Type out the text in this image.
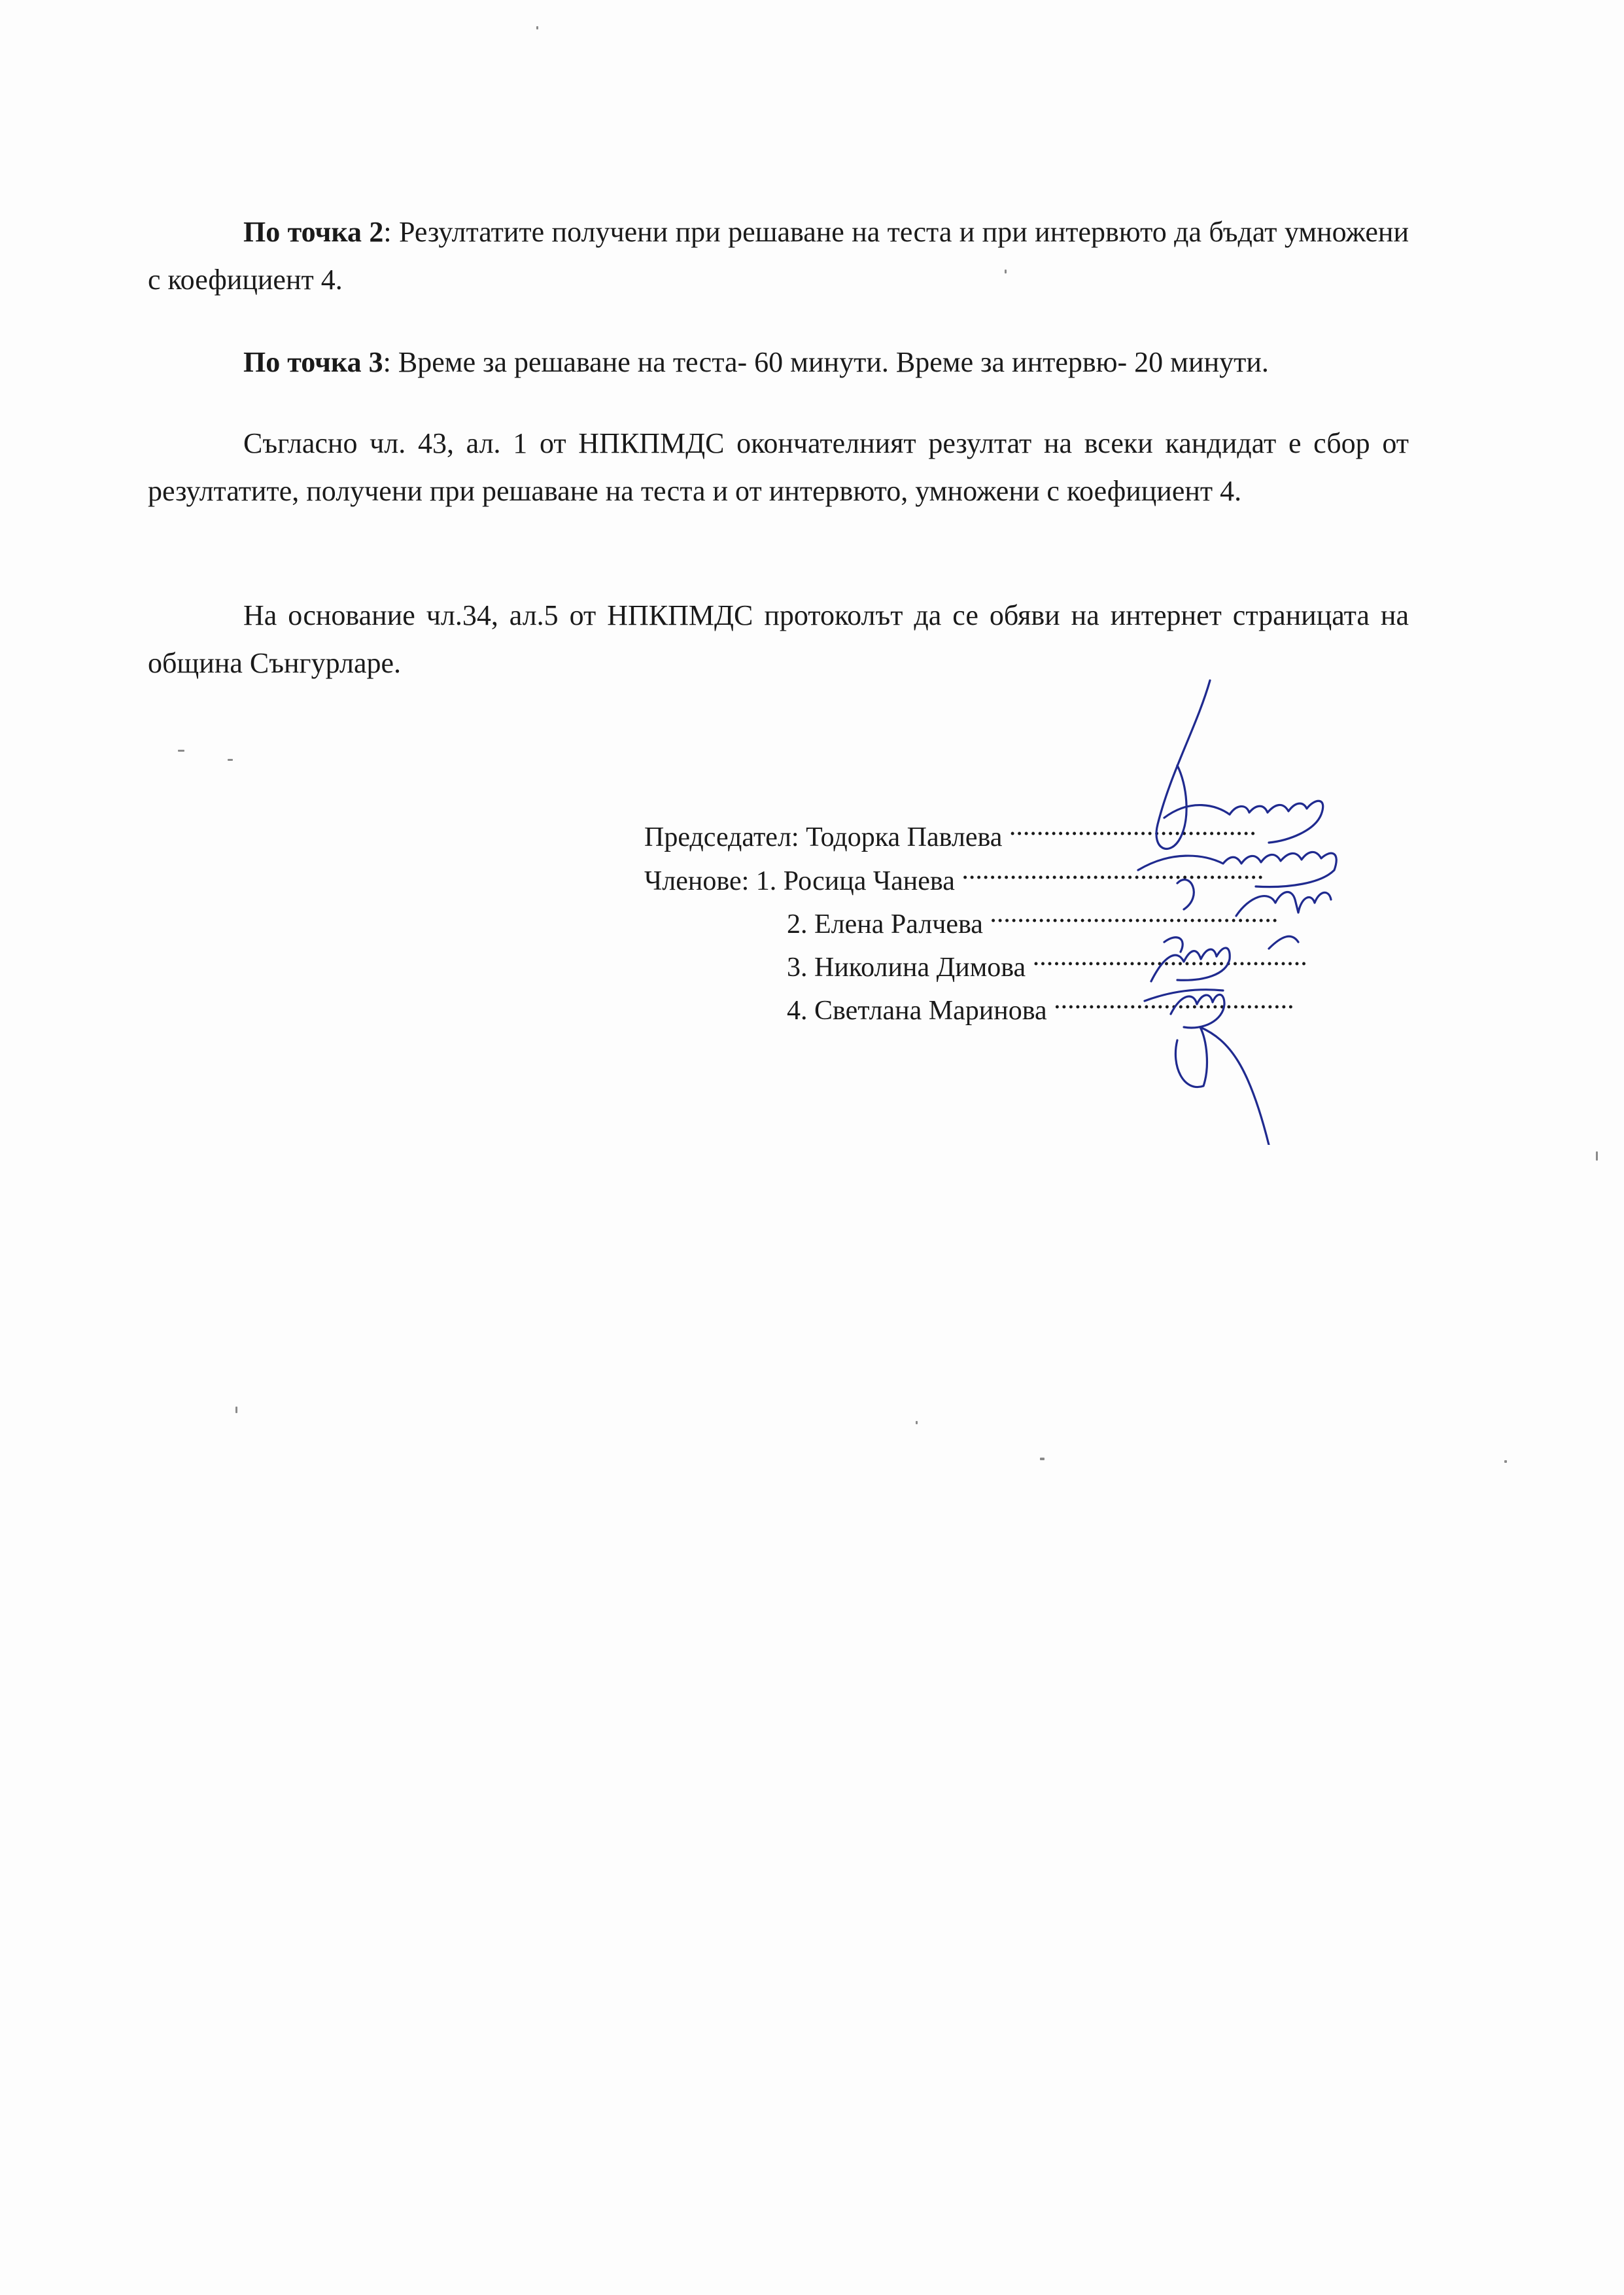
По точка 2: Резултатите получени при решаване на теста и при интервюто да бъдат умножени с коефициент 4.

По точка 3: Време за решаване на теста- 60 минути. Време за интервю- 20 минути.

Съгласно чл. 43, ал. 1 от НПКПМДС окончателният резултат на всеки кандидат е сбор от резултатите, получени при решаване на теста и от интервюто, умножени с коефициент 4.

На основание чл.34, ал.5 от НПКПМДС протоколът да се обяви на интернет страницата на община Сънгурларе.

Председател: Тодорка Павлева ....................................
Членове: 1. Росица Чанева ............................................
2. Елена Ралчева ..........................................
3. Николина Димова ........................................
4. Светлана Маринова ...................................
